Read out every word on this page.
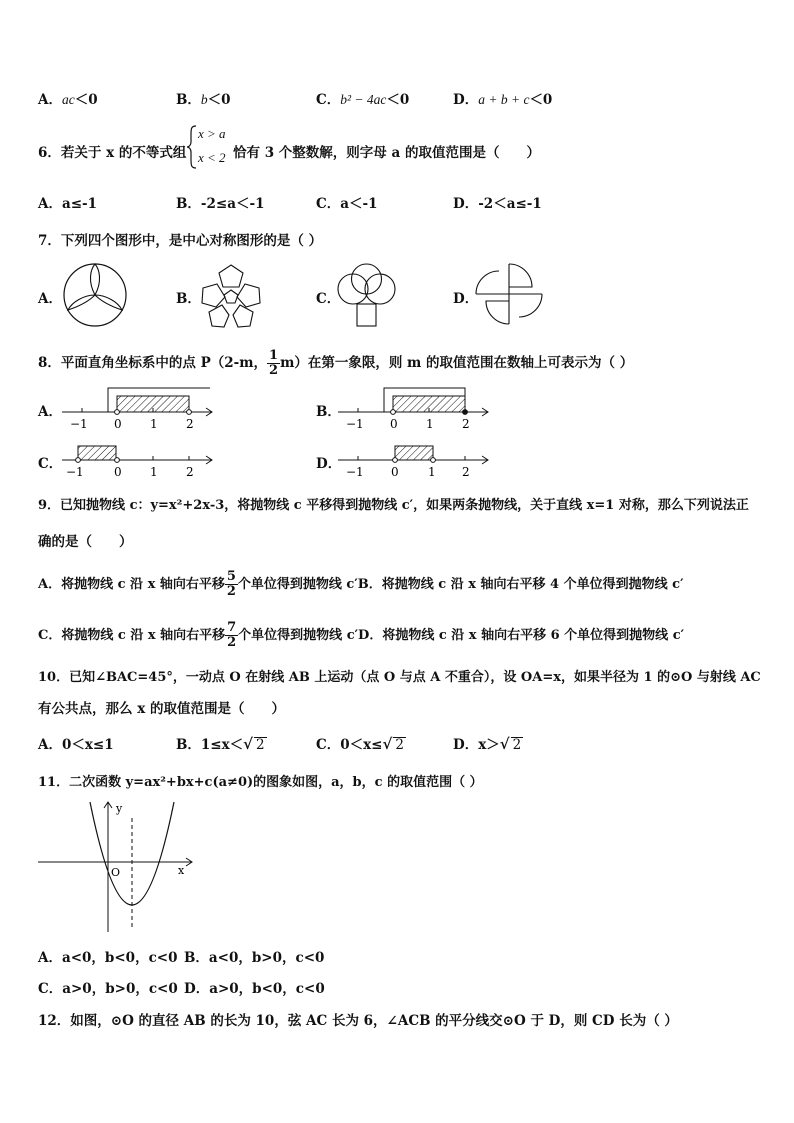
A．ac＜0	B．b＜0	C．b² − 4ac＜0	D．a + b + c＜0
6．若关于 x 的不等式组
x > a
x < 2 恰有 3 个整数解，则字母 a 的取值范围是（　　）
A．a≤-1	B．-2≤a＜-1	C．a＜-1	D．-2＜a≤-1
7．下列四个图形中，是中心对称图形的是（ ）
A．	B．	C．	D．
8．平面直角坐标系中的点 P（2-m， $\frac{1}{2} m$）在第一象限，则 m 的取值范围在数轴上可表示为（ ）
A．
−1 0 1 2
B．
−1 0 1 2
C． −1	0 1 2	D． −1 0 1 2
9．已知抛物线 c：y=x²+2x-3，将抛物线 c 平移得到抛物线 c′，如果两条抛物线，关于直线 x=1 对称，那么下列说法正
确的是（　　）
A．将抛物线 c 沿 x 轴向右平移 $\frac{5}{2}$ 个单位得到抛物线 c′B．将抛物线 c 沿 x 轴向右平移 4 个单位得到抛物线 c′
C．将抛物线 c 沿 x 轴向右平移 $\frac{7}{2}$ 个单位得到抛物线 c′D．将抛物线 c 沿 x 轴向右平移 6 个单位得到抛物线 c′
10．已知∠BAC=45°，一动点 O 在射线 AB 上运动（点 O 与点 A 不重合），设 OA=x，如果半径为 1 的⊙O 与射线 AC
有公共点，那么 x 的取值范围是（　　）
A．0＜x≤1	B．1≤x＜√ 2	C．0＜x≤√ 2	D．x＞√ 2
11．二次函数 y=ax²+bx+c(a≠0)的图象如图，a，b，c 的取值范围（ ）
y
x
O
A．a<0，b<0，c<0 B．a<0，b>0，c<0
C．a>0，b>0，c<0 D．a>0，b<0，c<0
12．如图，⊙O 的直径 AB 的长为 10，弦 AC 长为 6，∠ACB 的平分线交⊙O 于 D，则 CD 长为（ ）
